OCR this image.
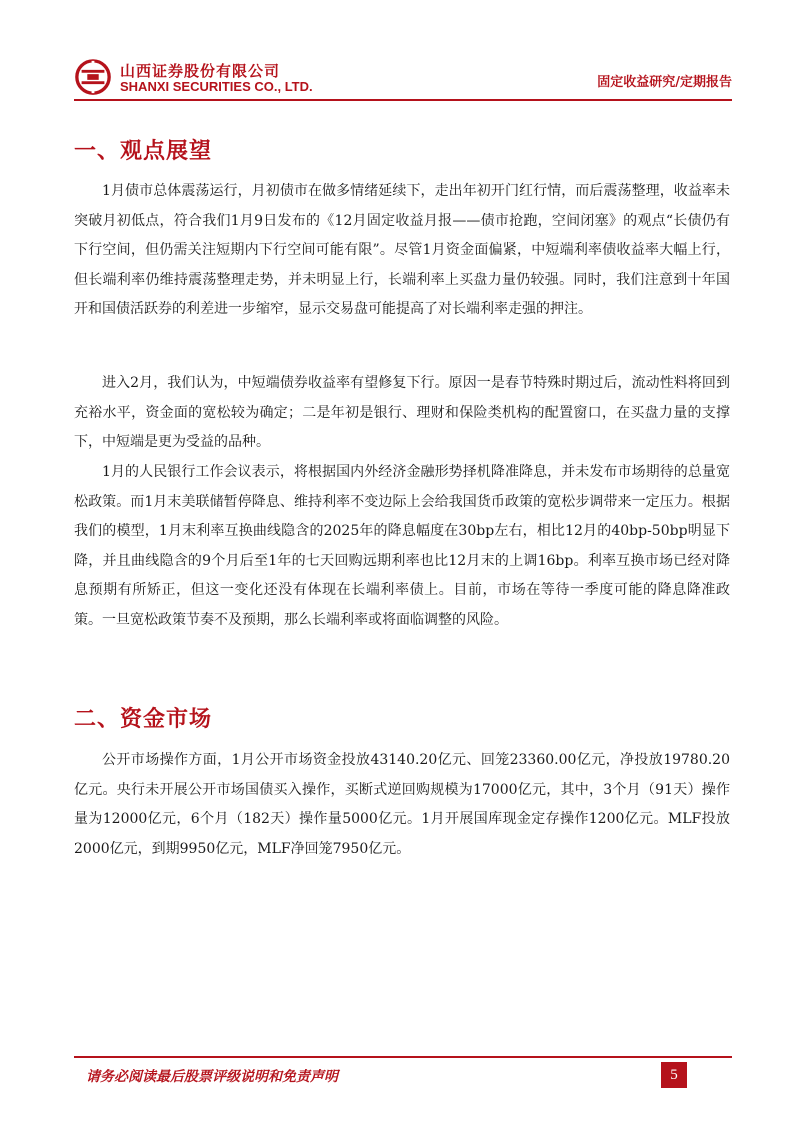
山西证券股份有限公司
SHANXI SECURITIES CO., LTD.	固定收益研究/定期报告
一、观点展望

1月债市总体震荡运行，月初债市在做多情绪延续下，走出年初开门红行情，而后震荡整理，收益率未突破月初低点，符合我们1月9日发布的《12月固定收益月报——债市抢跑，空间闭塞》的观点“长债仍有下行空间，但仍需关注短期内下行空间可能有限”。尽管1月资金面偏紧，中短端利率债收益率大幅上行，但长端利率仍维持震荡整理走势，并未明显上行，长端利率上买盘力量仍较强。同时，我们注意到十年国开和国债活跃券的利差进一步缩窄，显示交易盘可能提高了对长端利率走强的押注。

进入2月，我们认为，中短端债券收益率有望修复下行。原因一是春节特殊时期过后，流动性料将回到充裕水平，资金面的宽松较为确定；二是年初是银行、理财和保险类机构的配置窗口，在买盘力量的支撑下，中短端是更为受益的品种。

1月的人民银行工作会议表示，将根据国内外经济金融形势择机降准降息，并未发布市场期待的总量宽松政策。而1月末美联储暂停降息、维持利率不变边际上会给我国货币政策的宽松步调带来一定压力。根据我们的模型，1月末利率互换曲线隐含的2025年的降息幅度在30bp左右，相比12月的40bp-50bp明显下降，并且曲线隐含的9个月后至1年的七天回购远期利率也比12月末的上调16bp。利率互换市场已经对降息预期有所矫正，但这一变化还没有体现在长端利率债上。目前，市场在等待一季度可能的降息降准政策。一旦宽松政策节奏不及预期，那么长端利率或将面临调整的风险。

二、资金市场

公开市场操作方面，1月公开市场资金投放43140.20亿元、回笼23360.00亿元，净投放19780.20亿元。央行未开展公开市场国债买入操作，买断式逆回购规模为17000亿元，其中，3个月（91天）操作量为12000亿元，6个月（182天）操作量5000亿元。1月开展国库现金定存操作1200亿元。MLF投放2000亿元，到期9950亿元，MLF净回笼7950亿元。

请务必阅读最后股票评级说明和免责声明	5
